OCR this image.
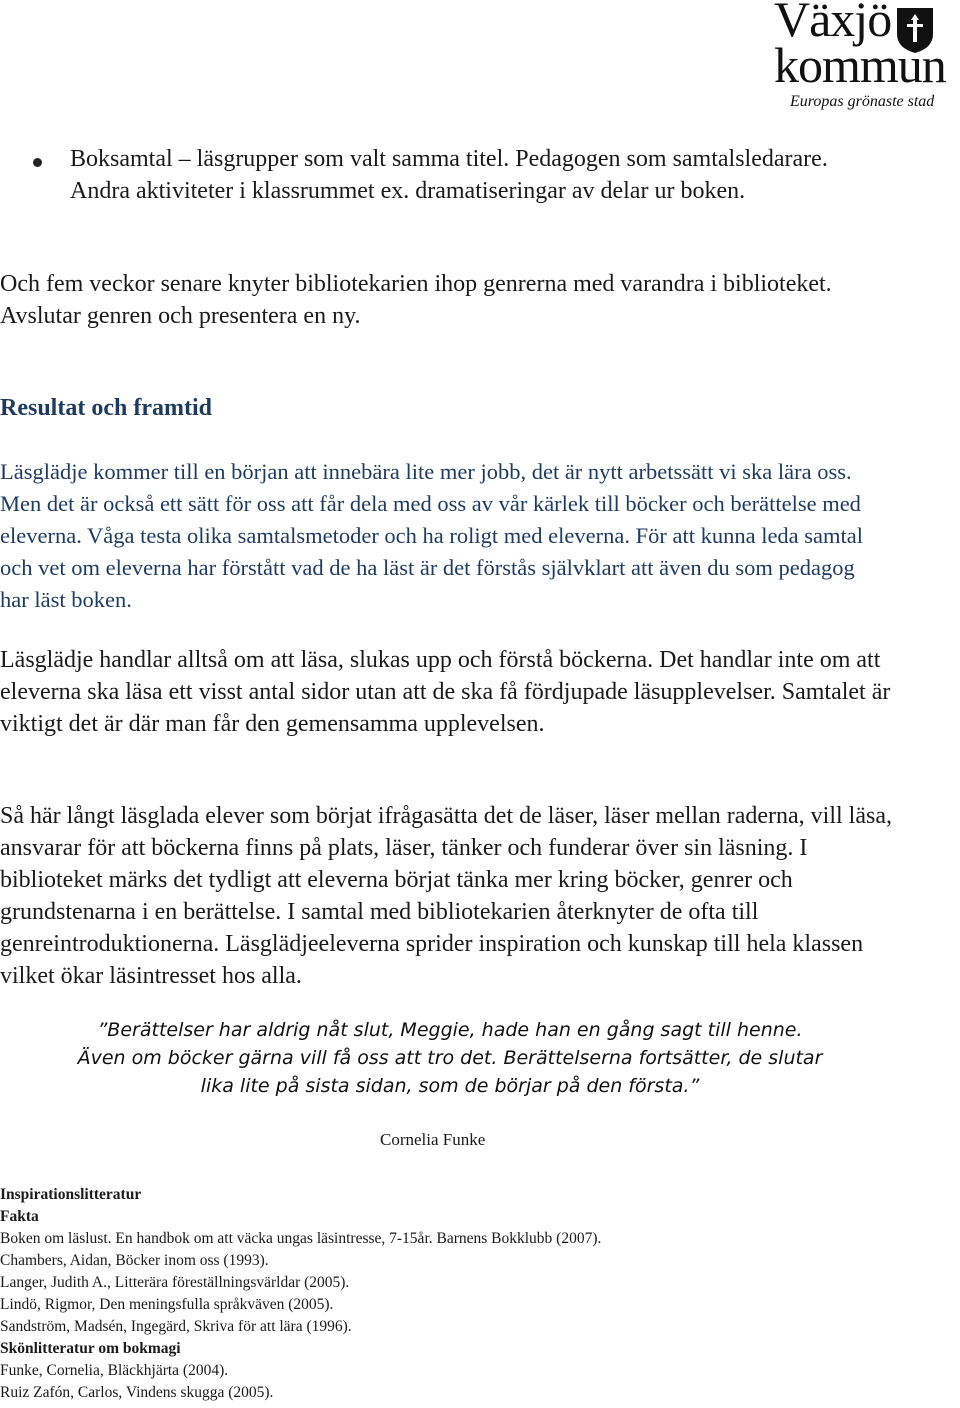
Växjö
kommun
Europas grönaste stad
Boksamtal – läsgrupper som valt samma titel. Pedagogen som samtalsledarare. Andra aktiviteter i klassrummet ex. dramatiseringar av delar ur boken.
Och fem veckor senare knyter bibliotekarien ihop genrerna med varandra i biblioteket. Avslutar genren och presentera en ny.
Resultat och framtid
Läsglädje kommer till en början att innebära lite mer jobb, det är nytt arbetssätt vi ska lära oss. Men det är också ett sätt för oss att får dela med oss av vår kärlek till böcker och berättelse med eleverna. Våga testa olika samtalsmetoder och ha roligt med eleverna. För att kunna leda samtal och vet om eleverna har förstått vad de ha läst är det förstås självklart att även du som pedagog har läst boken.
Läsglädje handlar alltså om att läsa, slukas upp och förstå böckerna. Det handlar inte om att eleverna ska läsa ett visst antal sidor utan att de ska få fördjupade läsupplevelser. Samtalet är viktigt det är där man får den gemensamma upplevelsen.
Så här långt läsglada elever som börjat ifrågasätta det de läser, läser mellan raderna, vill läsa, ansvarar för att böckerna finns på plats, läser, tänker och funderar över sin läsning. I biblioteket märks det tydligt att eleverna börjat tänka mer kring böcker, genrer och grundstenarna i en berättelse. I samtal med bibliotekarien återknyter de ofta till genreintroduktionerna. Läsglädjeeleverna sprider inspiration och kunskap till hela klassen vilket ökar läsintresset hos alla.
”Berättelser har aldrig nåt slut, Meggie, hade han en gång sagt till henne.
Även om böcker gärna vill få oss att tro det. Berättelserna fortsätter, de slutar
lika lite på sista sidan, som de börjar på den första.”
Cornelia Funke
Inspirationslitteratur
Fakta
Boken om läslust. En handbok om att väcka ungas läsintresse, 7-15år. Barnens Bokklubb (2007).
Chambers, Aidan, Böcker inom oss (1993).
Langer, Judith A., Litterära föreställningsvärldar (2005).
Lindö, Rigmor, Den meningsfulla språkväven (2005).
Sandström, Madsén, Ingegärd, Skriva för att lära (1996).
Skönlitteratur om bokmagi
Funke, Cornelia, Bläckhjärta (2004).
Ruiz Zafón, Carlos, Vindens skugga (2005).
